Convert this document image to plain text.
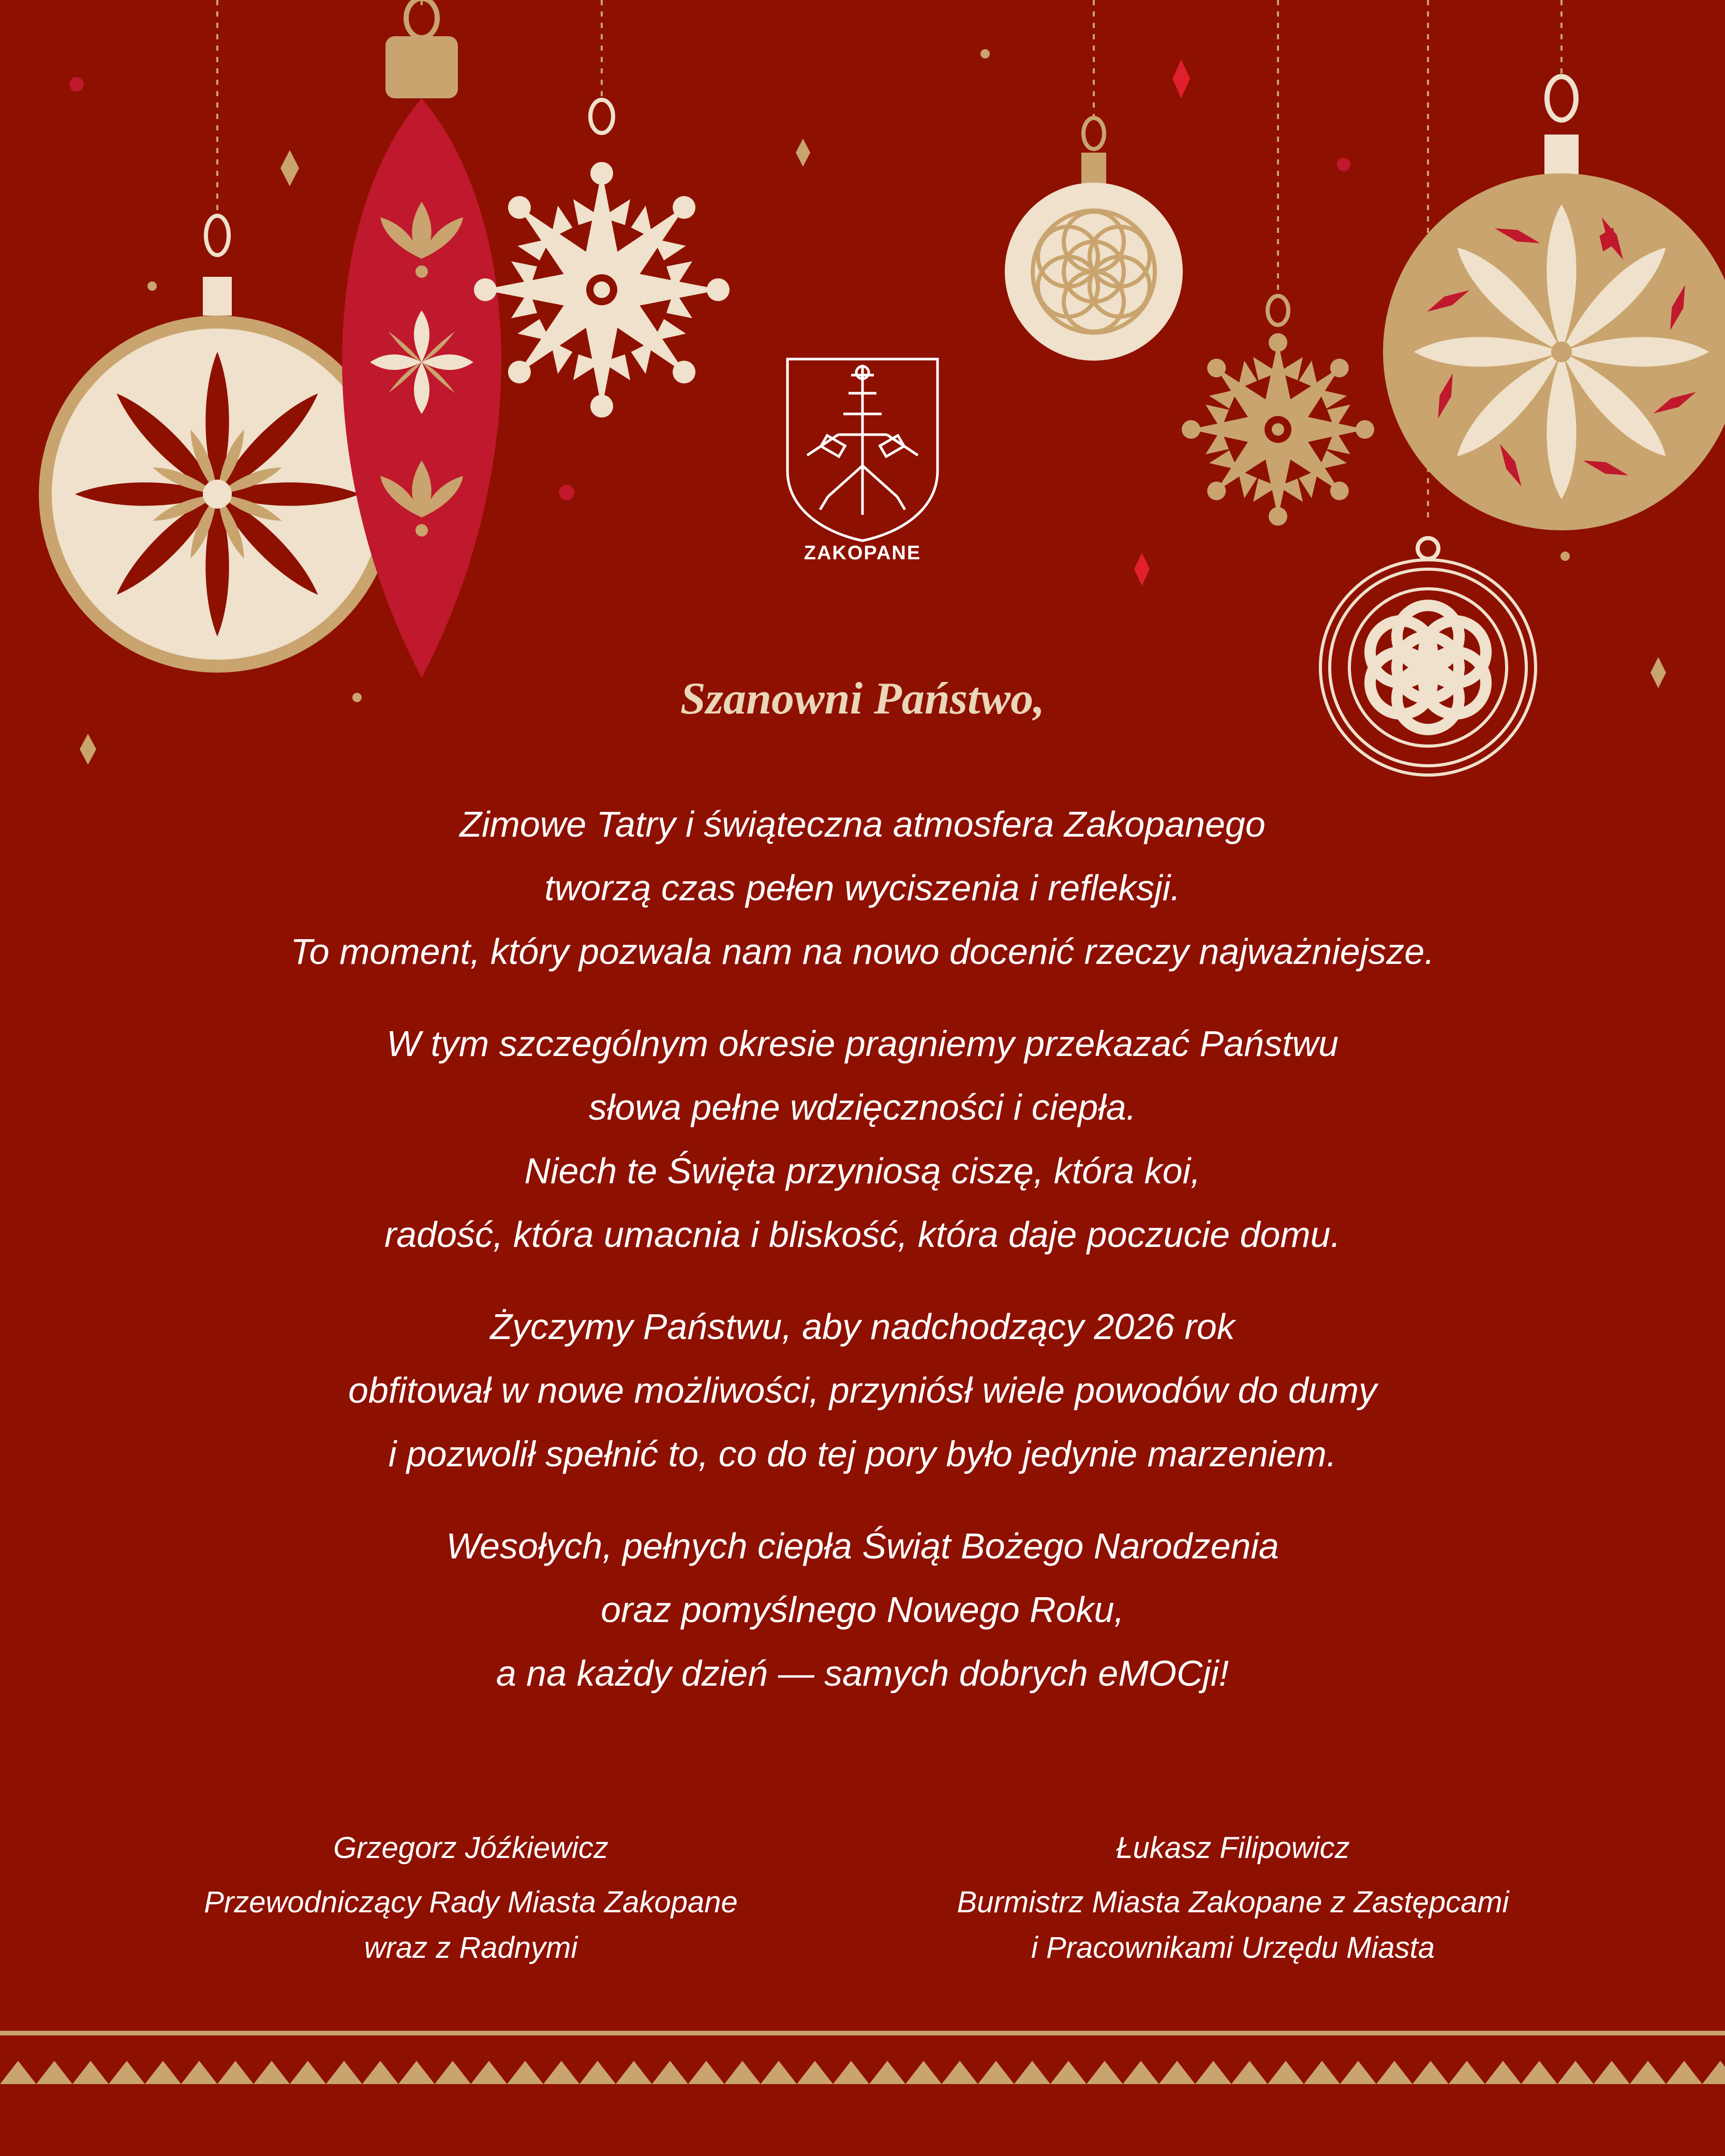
ZAKOPANE
Szanowni Państwo,
Zimowe Tatry i świąteczna atmosfera Zakopanego
tworzą czas pełen wyciszenia i refleksji.
To moment, który pozwala nam na nowo docenić rzeczy najważniejsze.
W tym szczególnym okresie pragniemy przekazać Państwu
słowa pełne wdzięczności i ciepła.
Niech te Święta przyniosą ciszę, która koi,
radość, która umacnia i bliskość, która daje poczucie domu.
Życzymy Państwu, aby nadchodzący 2026 rok
obfitował w nowe możliwości, przyniósł wiele powodów do dumy
i pozwolił spełnić to, co do tej pory było jedynie marzeniem.
Wesołych, pełnych ciepła Świąt Bożego Narodzenia
oraz pomyślnego Nowego Roku,
a na każdy dzień — samych dobrych eMOCji!
Grzegorz Jóźkiewicz
Przewodniczący Rady Miasta Zakopane
wraz z Radnymi
Łukasz Filipowicz
Burmistrz Miasta Zakopane z Zastępcami
i Pracownikami Urzędu Miasta
